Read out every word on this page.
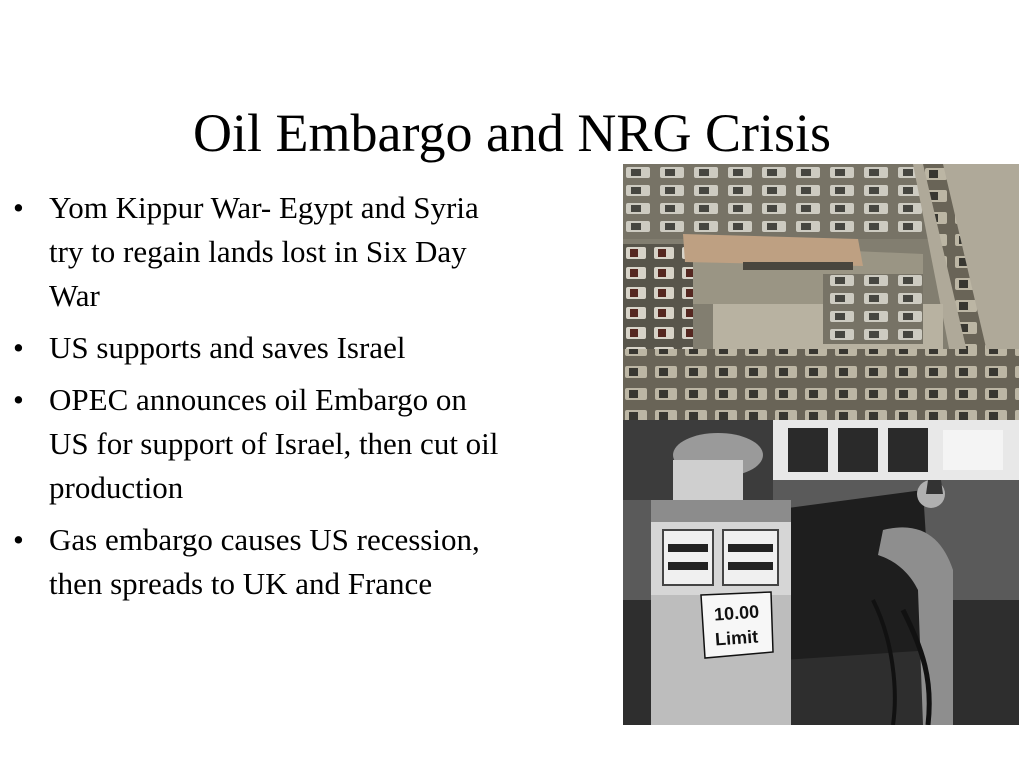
Oil Embargo and NRG Crisis
• Yom Kippur War- Egypt and Syria try to regain lands lost in Six Day War
• US supports and saves Israel
• OPEC announces oil Embargo on US for support of Israel, then cut oil production
• Gas embargo causes US recession, then spreads to UK and France
10.00
Limit
